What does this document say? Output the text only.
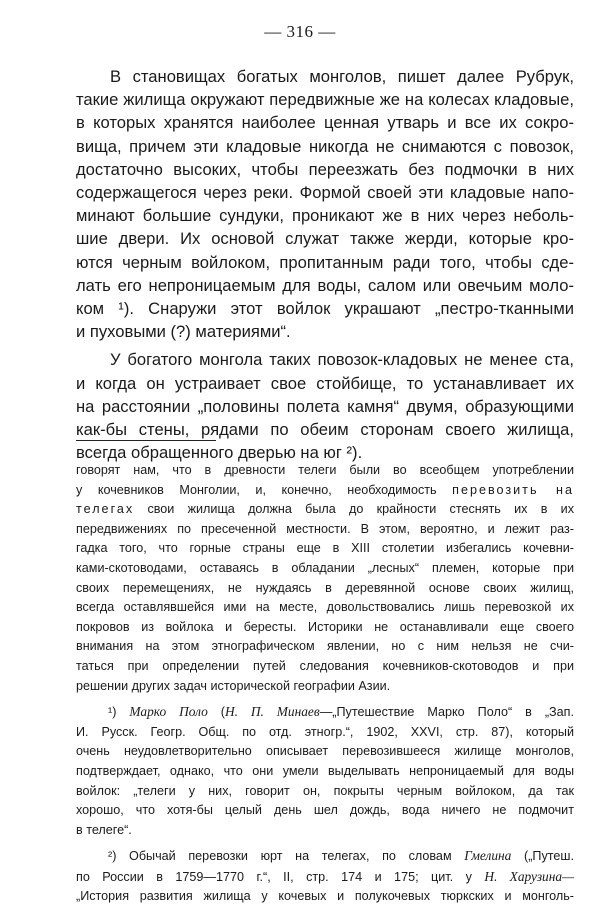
— 316 —

В становищах богатых монголов, пишет далее Рубрук,

такие жилища окружают передвижные же на колесах кладовые,

в которых хранятся наиболее ценная утварь и все их сокро-

вища, причем эти кладовые никогда не снимаются с повозок,

достаточно высоких, чтобы переезжать без подмочки в них

содержащегося через реки. Формой своей эти кладовые напо-

минают большие сундуки, проникают же в них через неболь-

шие двери. Их основой служат также жерди, которые кро-

ются черным войлоком, пропитанным ради того, чтобы сде-

лать его непроницаемым для воды, салом или овечьим моло-

ком ¹). Снаружи этот войлок украшают „пестро-тканными

и пуховыми (?) материями“.

У богатого монгола таких повозок-кладовых не менее ста,

и когда он устраивает свое стойбище, то устанавливает их

на расстоянии „половины полета камня“ двумя, образующими

как-бы стены, рядами по обеим сторонам своего жилища,

всегда обращенного дверью на юг ²).

говорят нам, что в древности телеги были во всеобщем употреблении
у кочевников Монголии, и, конечно, необходимость перевозить на
телегах свои жилища должна была до крайности стеснять их в их
передвижениях по пресеченной местности. В этом, вероятно, и лежит раз-
гадка того, что горные страны еще в XIII столетии избегались кочевни-
ками-скотоводами, оставаясь в обладании „лесных“ племен, которые при
своих перемещениях, не нуждаясь в деревянной основе своих жилищ,
всегда оставлявшейся ими на месте, довольствовались лишь перевозкой их
покровов из войлока и бересты. Историки не останавливали еще своего
внимания на этом этнографическом явлении, но с ним нельзя не счи-
таться при определении путей следования кочевников-скотоводов и при
решении других задач исторической географии Азии.
¹) Марко Поло (Н. П. Минаев—„Путешествие Марко Поло“ в „Зап.
И. Русск. Геогр. Общ. по отд. этногр.“, 1902, XXVI, стр. 87), который
очень неудовлетворительно описывает перевозившееся жилище монголов,
подтверждает, однако, что они умели выделывать непроницаемый для воды
войлок: „телеги у них, говорит он, покрыты черным войлоком, да так
хорошо, что хотя-бы целый день шел дождь, вода ничего не подмочит
в телеге“.
²) Обычай перевозки юрт на телегах, по словам Гмелина („Путеш.
по России в 1759—1770 г.“, II, стр. 174 и 175; цит. у Н. Харузина—
„История развития жилища у кочевых и полукочевых тюркских и монголь-
